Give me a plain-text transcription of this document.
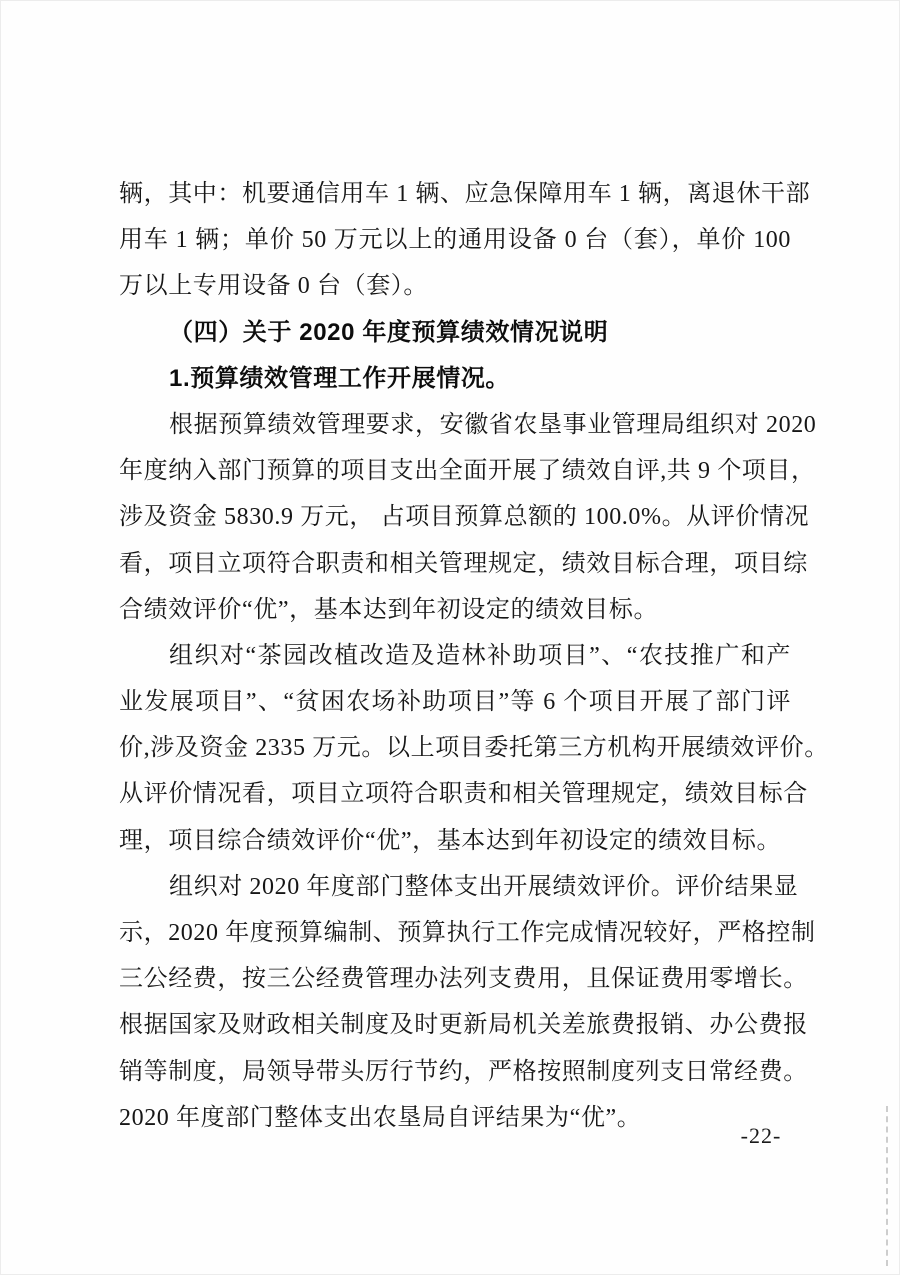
辆，其中：机要通信用车 1 辆、应急保障用车 1 辆，离退休干部
用车 1 辆；单价 50 万元以上的通用设备 0 台（套），单价 100
万以上专用设备 0 台（套）。
（四）关于 2020 年度预算绩效情况说明
1.预算绩效管理工作开展情况。
根据预算绩效管理要求，安徽省农垦事业管理局组织对 2020
年度纳入部门预算的项目支出全面开展了绩效自评,共 9 个项目，
涉及资金 5830.9 万元， 占项目预算总额的 100.0%。从评价情况
看，项目立项符合职责和相关管理规定，绩效目标合理，项目综
合绩效评价“优”，基本达到年初设定的绩效目标。
组织对“茶园改植改造及造林补助项目”、“农技推广和产
业发展项目”、“贫困农场补助项目”等 6 个项目开展了部门评
价,涉及资金 2335 万元。以上项目委托第三方机构开展绩效评价。
从评价情况看，项目立项符合职责和相关管理规定，绩效目标合
理，项目综合绩效评价“优”，基本达到年初设定的绩效目标。
组织对 2020 年度部门整体支出开展绩效评价。评价结果显
示，2020 年度预算编制、预算执行工作完成情况较好，严格控制
三公经费，按三公经费管理办法列支费用，且保证费用零增长。
根据国家及财政相关制度及时更新局机关差旅费报销、办公费报
销等制度，局领导带头厉行节约，严格按照制度列支日常经费。
2020 年度部门整体支出农垦局自评结果为“优”。
-22-
